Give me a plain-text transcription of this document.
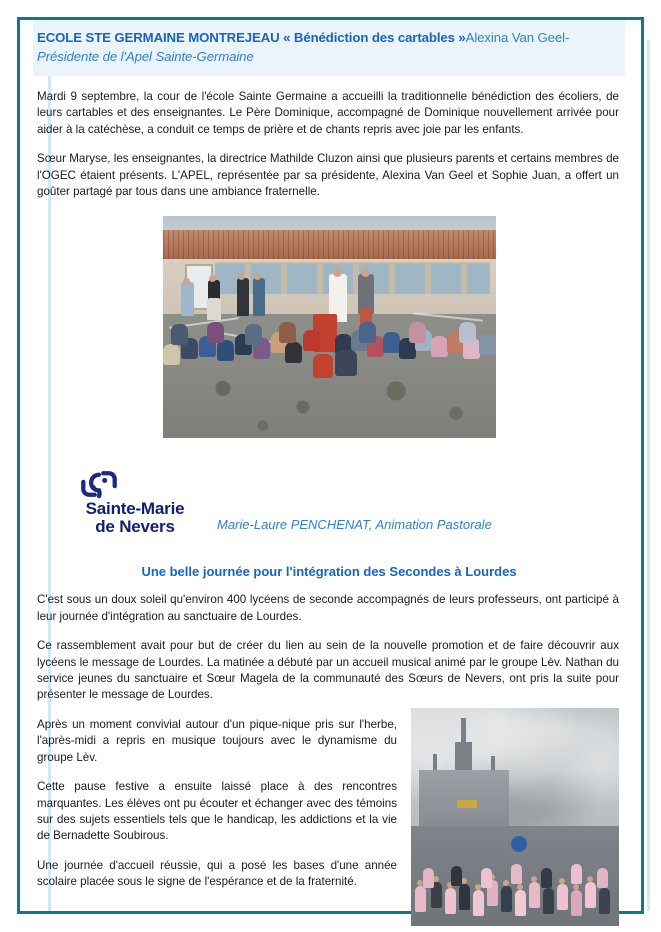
ECOLE STE GERMAINE MONTREJEAU « Bénédiction des cartables »Alexina Van Geel-Présidente de l'Apel Sainte-Germaine

Mardi 9 septembre, la cour de l'école Sainte Germaine a accueilli la traditionnelle bénédiction des écoliers, de leurs cartables et des enseignantes. Le Père Dominique, accompagné de Dominique nouvellement arrivée pour aider à la catéchèse, a conduit ce temps de prière et de chants repris avec joie par les enfants.

Sœur Maryse, les enseignantes, la directrice Mathilde Cluzon ainsi que plusieurs parents et certains membres de l'OGEC étaient présents. L'APEL, représentée par sa présidente, Alexina Van Geel et Sophie Juan, a offert un goûter partagé par tous dans une ambiance fraternelle.

Sainte-Marie
de Nevers	Marie-Laure PENCHENAT, Animation Pastorale
Une belle journée pour l'intégration des Secondes à Lourdes

C'est sous un doux soleil qu'environ 400 lycéens de seconde accompagnés de leurs professeurs, ont participé à leur journée d'intégration au sanctuaire de Lourdes.

Ce rassemblement avait pour but de créer du lien au sein de la nouvelle promotion et de faire découvrir aux lycéens le message de Lourdes. La matinée a débuté par un accueil musical animé par le groupe Lèv. Nathan du service jeunes du sanctuaire et Sœur Magela de la communauté des Sœurs de Nevers, ont pris la suite pour présenter le message de Lourdes.

Après un moment convivial autour d'un pique-nique pris sur l'herbe, l'après-midi a repris en musique toujours avec le dynamisme du groupe Lèv.

Cette pause festive a ensuite laissé place à des rencontres marquantes. Les élèves ont pu écouter et échanger avec des témoins sur des sujets essentiels tels que le handicap, les addictions et la vie de Bernadette Soubirous.

Une journée d'accueil réussie, qui a posé les bases d'une année scolaire placée sous le signe de l'espérance et de la fraternité.
